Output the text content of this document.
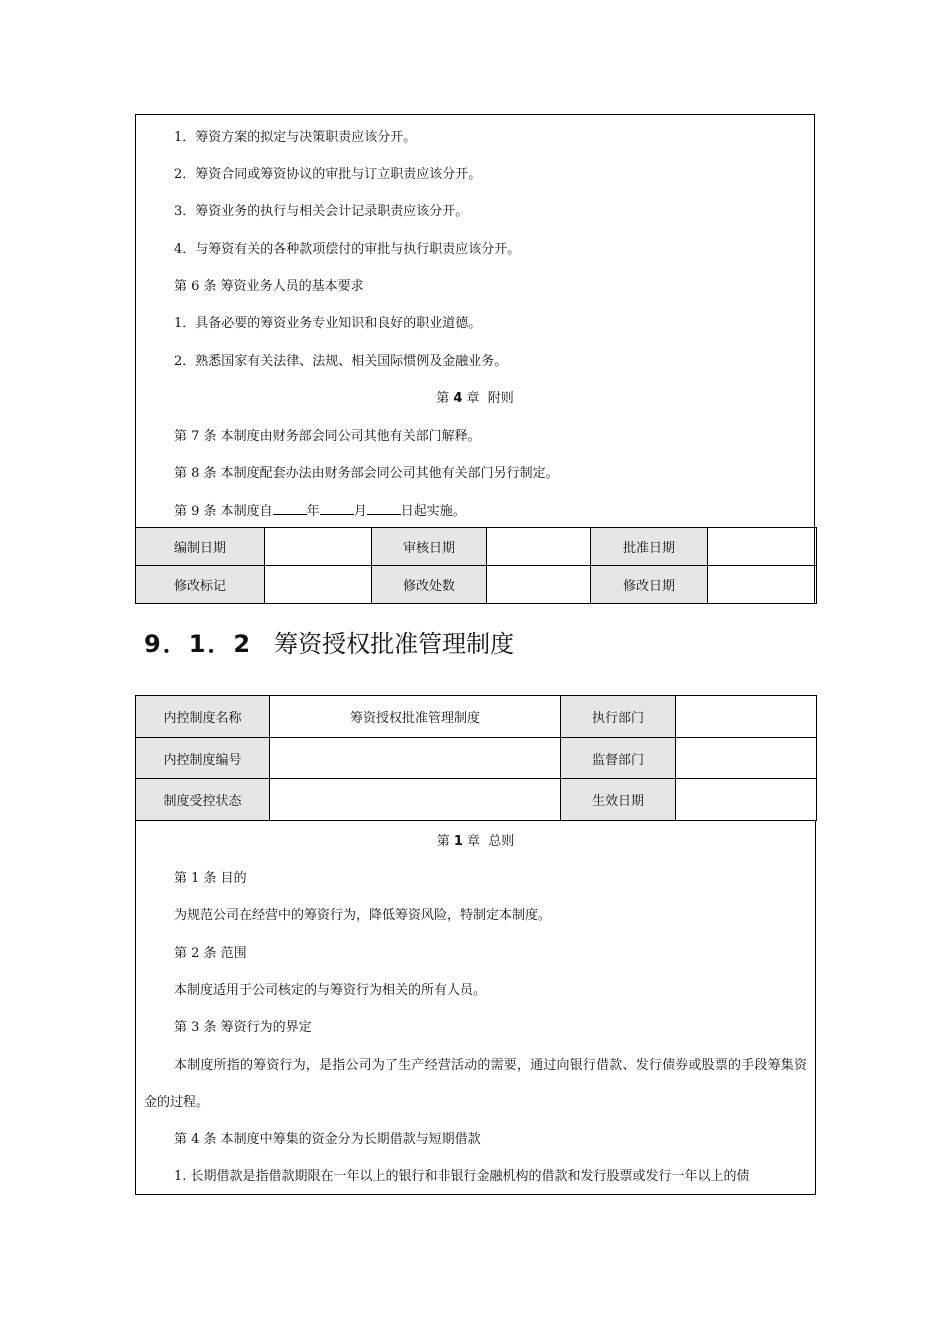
1．筹资方案的拟定与决策职责应该分开。
2．筹资合同或筹资协议的审批与订立职责应该分开。
3．筹资业务的执行与相关会计记录职责应该分开。
4．与筹资有关的各种款项偿付的审批与执行职责应该分开。
第 6 条 筹资业务人员的基本要求
1．具备必要的筹资业务专业知识和良好的职业道德。
2．熟悉国家有关法律、法规、相关国际惯例及金融业务。
第 4 章  附则
第 7 条 本制度由财务部会同公司其他有关部门解释。
第 8 条 本制度配套办法由财务部会同公司其他有关部门另行制定。
第 9 条 本制度自	年	月	日起实施。
编制日期		审核日期		批准日期	
修改标记		修改处数		修改日期	
9．1．2 筹资授权批准管理制度
内控制度名称	筹资授权批准管理制度	执行部门	
内控制度编号		监督部门	
制度受控状态		生效日期	
第 1 章  总则
第 1 条 目的
为规范公司在经营中的筹资行为，降低筹资风险，特制定本制度。
第 2 条 范围
本制度适用于公司核定的与筹资行为相关的所有人员。
第 3 条 筹资行为的界定
本制度所指的筹资行为，是指公司为了生产经营活动的需要，通过向银行借款、发行债券或股票的手段筹集资金的过程。
第 4 条 本制度中筹集的资金分为长期借款与短期借款
1. 长期借款是指借款期限在一年以上的银行和非银行金融机构的借款和发行股票或发行一年以上的债
